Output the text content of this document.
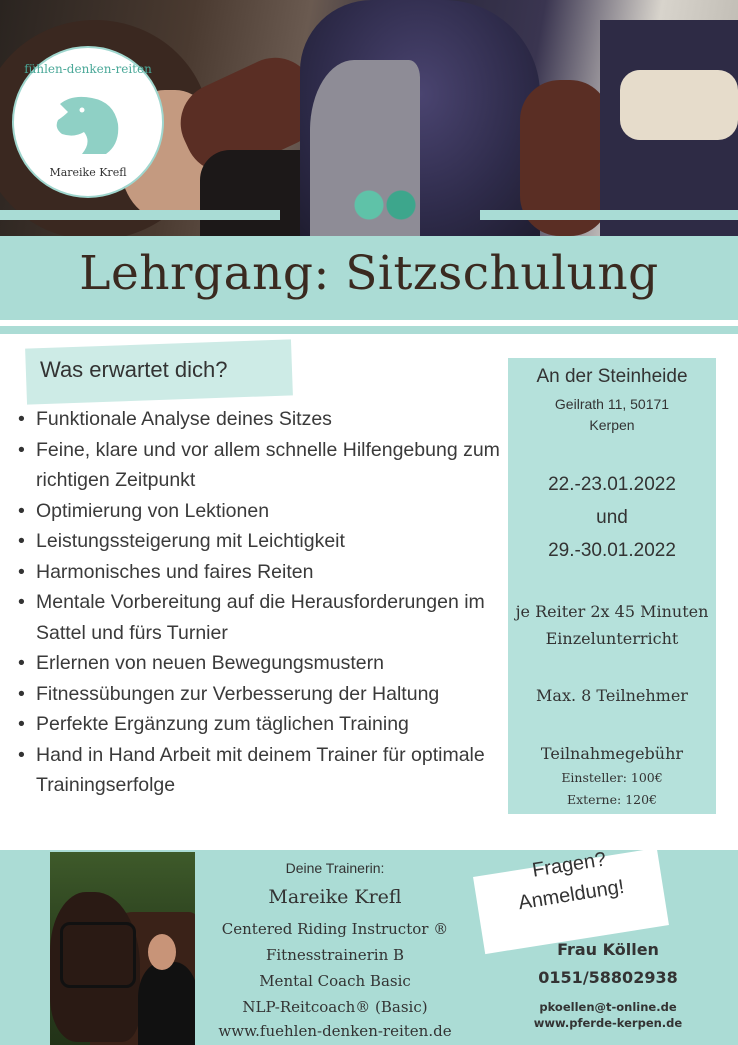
fühlen-denken-reiten
Mareike Krefl
Lehrgang: Sitzschulung
Was erwartet dich?
• Funktionale Analyse deines Sitzes
• Feine, klare und vor allem schnelle Hilfengebung zum richtigen Zeitpunkt
• Optimierung von Lektionen
• Leistungssteigerung mit Leichtigkeit
• Harmonisches und faires Reiten
• Mentale Vorbereitung auf die Herausforderungen im Sattel und fürs Turnier
• Erlernen von neuen Bewegungsmustern
• Fitnessübungen zur Verbesserung der Haltung
• Perfekte Ergänzung zum täglichen Training
• Hand in Hand Arbeit mit deinem Trainer für optimale Trainingserfolge
An der Steinheide
Geilrath 11, 50171
Kerpen
22.-23.01.2022
und
29.-30.01.2022
je Reiter 2x 45 Minuten
Einzelunterricht
Max. 8 Teilnehmer
Teilnahmegebühr
Einsteller: 100€
Externe: 120€
Deine Trainerin:
Mareike Krefl
Centered Riding Instructor ®
Fitnesstrainerin B
Mental Coach Basic
NLP-Reitcoach® (Basic)
www.fuehlen-denken-reiten.de
Fragen?
Anmeldung!
Frau Köllen
0151/58802938
pkoellen@t-online.de
www.pferde-kerpen.de
